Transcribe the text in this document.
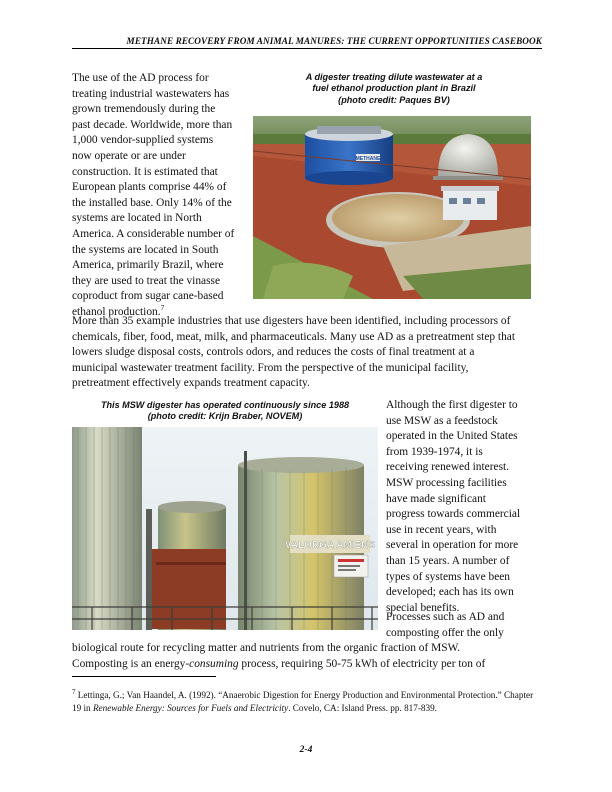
METHANE RECOVERY FROM ANIMAL MANURES: THE CURRENT OPPORTUNITIES CASEBOOK
The use of the AD process for
treating industrial wastewaters has
grown tremendously during the
past decade. Worldwide, more than
1,000 vendor-supplied systems
now operate or are under
construction. It is estimated that
European plants comprise 44% of
the installed base. Only 14% of the
systems are located in North
America. A considerable number of
the systems are located in South
America, primarily Brazil, where
they are used to treat the vinasse
coproduct from sugar cane-based
ethanol production.$^7$
A digester treating dilute wastewater at a
fuel ethanol production plant in Brazil
(photo credit: Paques BV)
METHANE
More than 35 example industries that use digesters have been identified, including processors of
chemicals, fiber, food, meat, milk, and pharmaceuticals. Many use AD as a pretreatment step that
lowers sludge disposal costs, controls odors, and reduces the costs of final treatment at a
municipal wastewater treatment facility. From the perspective of the municipal facility,
pretreatment effectively expands treatment capacity.
This MSW digester has operated continuously since 1988
(photo credit: Krijn Braber, NOVEM)
VALORGA AMIENS
Although the first digester to
use MSW as a feedstock
operated in the United States
from 1939-1974, it is
receiving renewed interest.
MSW processing facilities
have made significant
progress towards commercial
use in recent years, with
several in operation for more
than 15 years. A number of
types of systems have been
developed; each has its own
special benefits.
Processes such as AD and
composting offer the only
biological route for recycling matter and nutrients from the organic fraction of MSW.
Composting is an energy-consuming process, requiring 50-75 kWh of electricity per ton of
$^7$ Lettinga, G.; Van Haandel, A. (1992). “Anaerobic Digestion for Energy Production and Environmental Protection.” Chapter 19 in Renewable Energy: Sources for Fuels and Electricity. Covelo, CA: Island Press. pp. 817-839.
2-4
